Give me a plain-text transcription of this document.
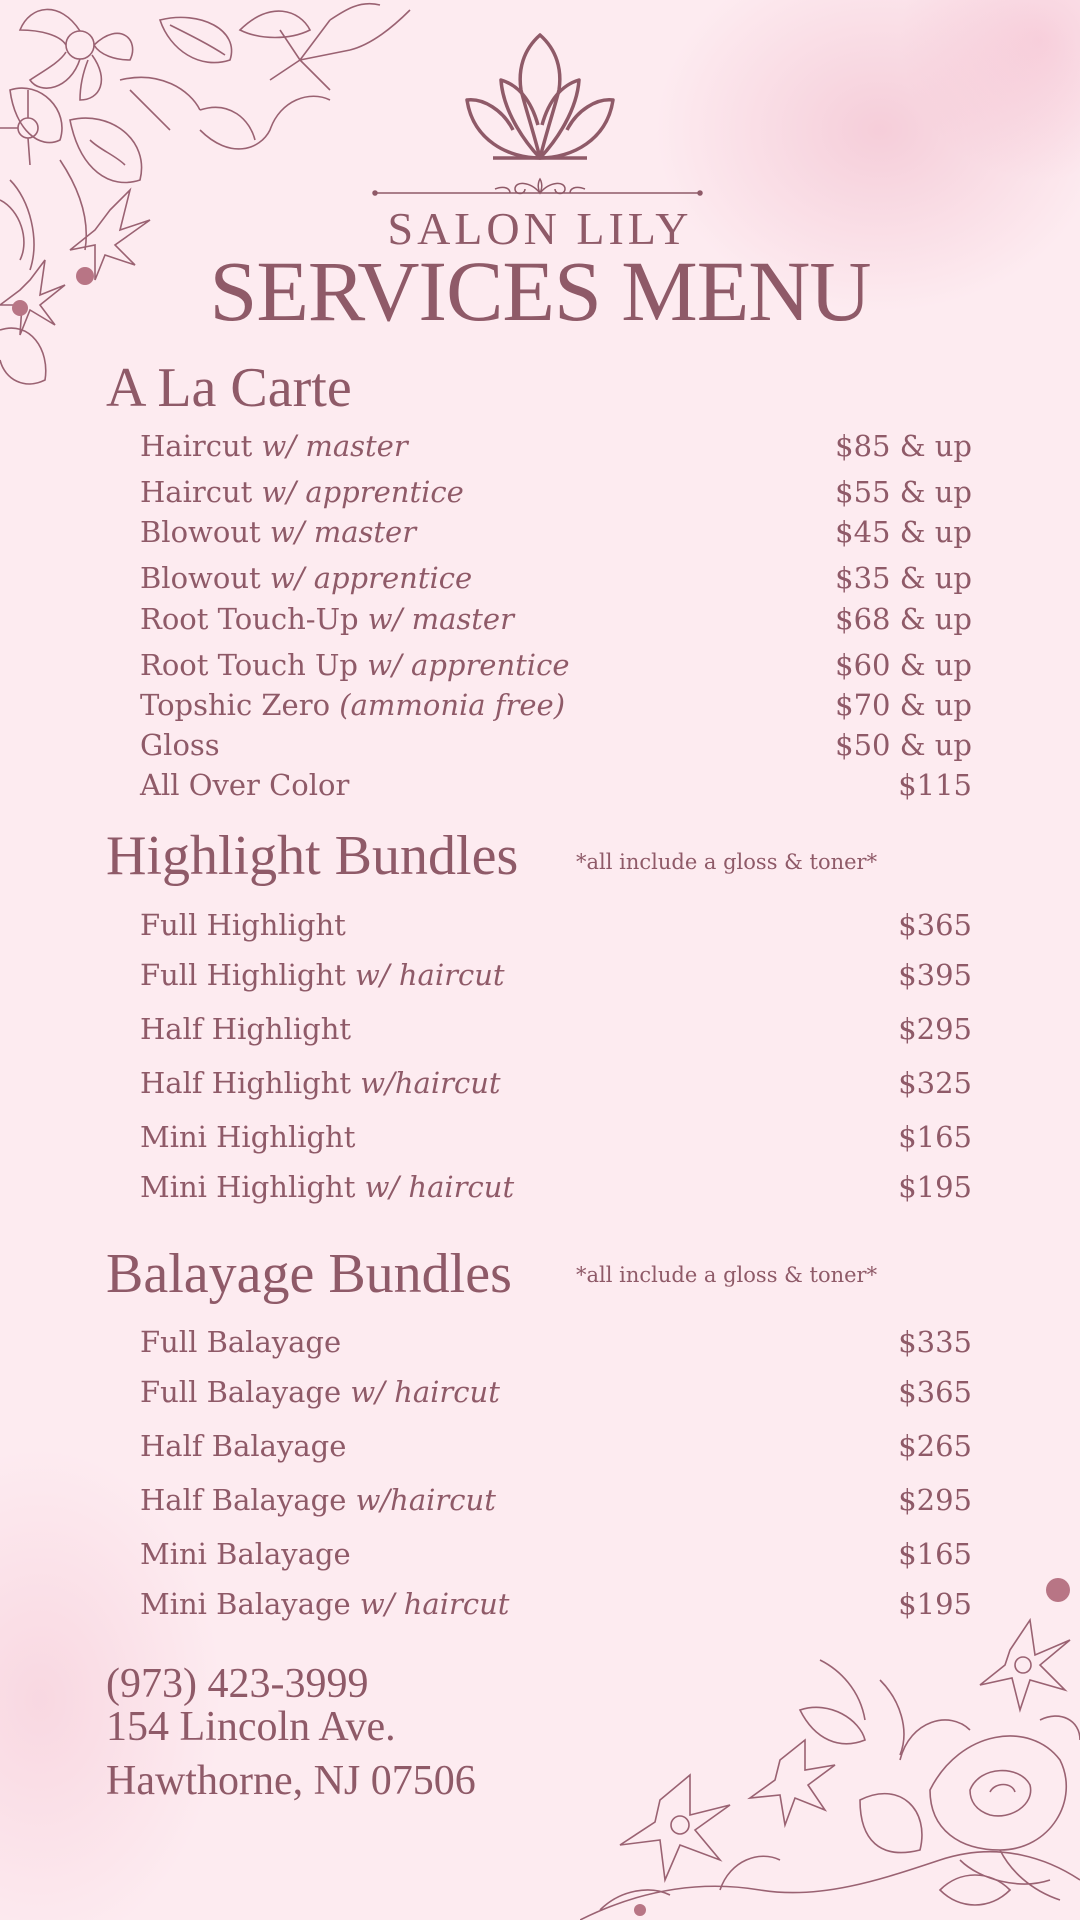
SALON LILY
SERVICES MENU
A La Carte
Haircut w/ master	$85 & up
Haircut w/ apprentice	$55 & up
Blowout w/ master	$45 & up
Blowout w/ apprentice	$35 & up
Root Touch-Up w/ master	$68 & up
Root Touch Up w/ apprentice	$60 & up
Topshic Zero (ammonia free)	$70 & up
Gloss	$50 & up
All Over Color	$115
Highlight Bundles	*all include a gloss & toner*
Full Highlight	$365
Full Highlight w/ haircut	$395
Half Highlight	$295
Half Highlight w/haircut	$325
Mini Highlight	$165
Mini Highlight w/ haircut	$195
Balayage Bundles	*all include a gloss & toner*
Full Balayage	$335
Full Balayage w/ haircut	$365
Half Balayage	$265
Half Balayage w/haircut	$295
Mini Balayage	$165
Mini Balayage w/ haircut	$195
(973) 423-3999
154 Lincoln Ave.
Hawthorne, NJ 07506
